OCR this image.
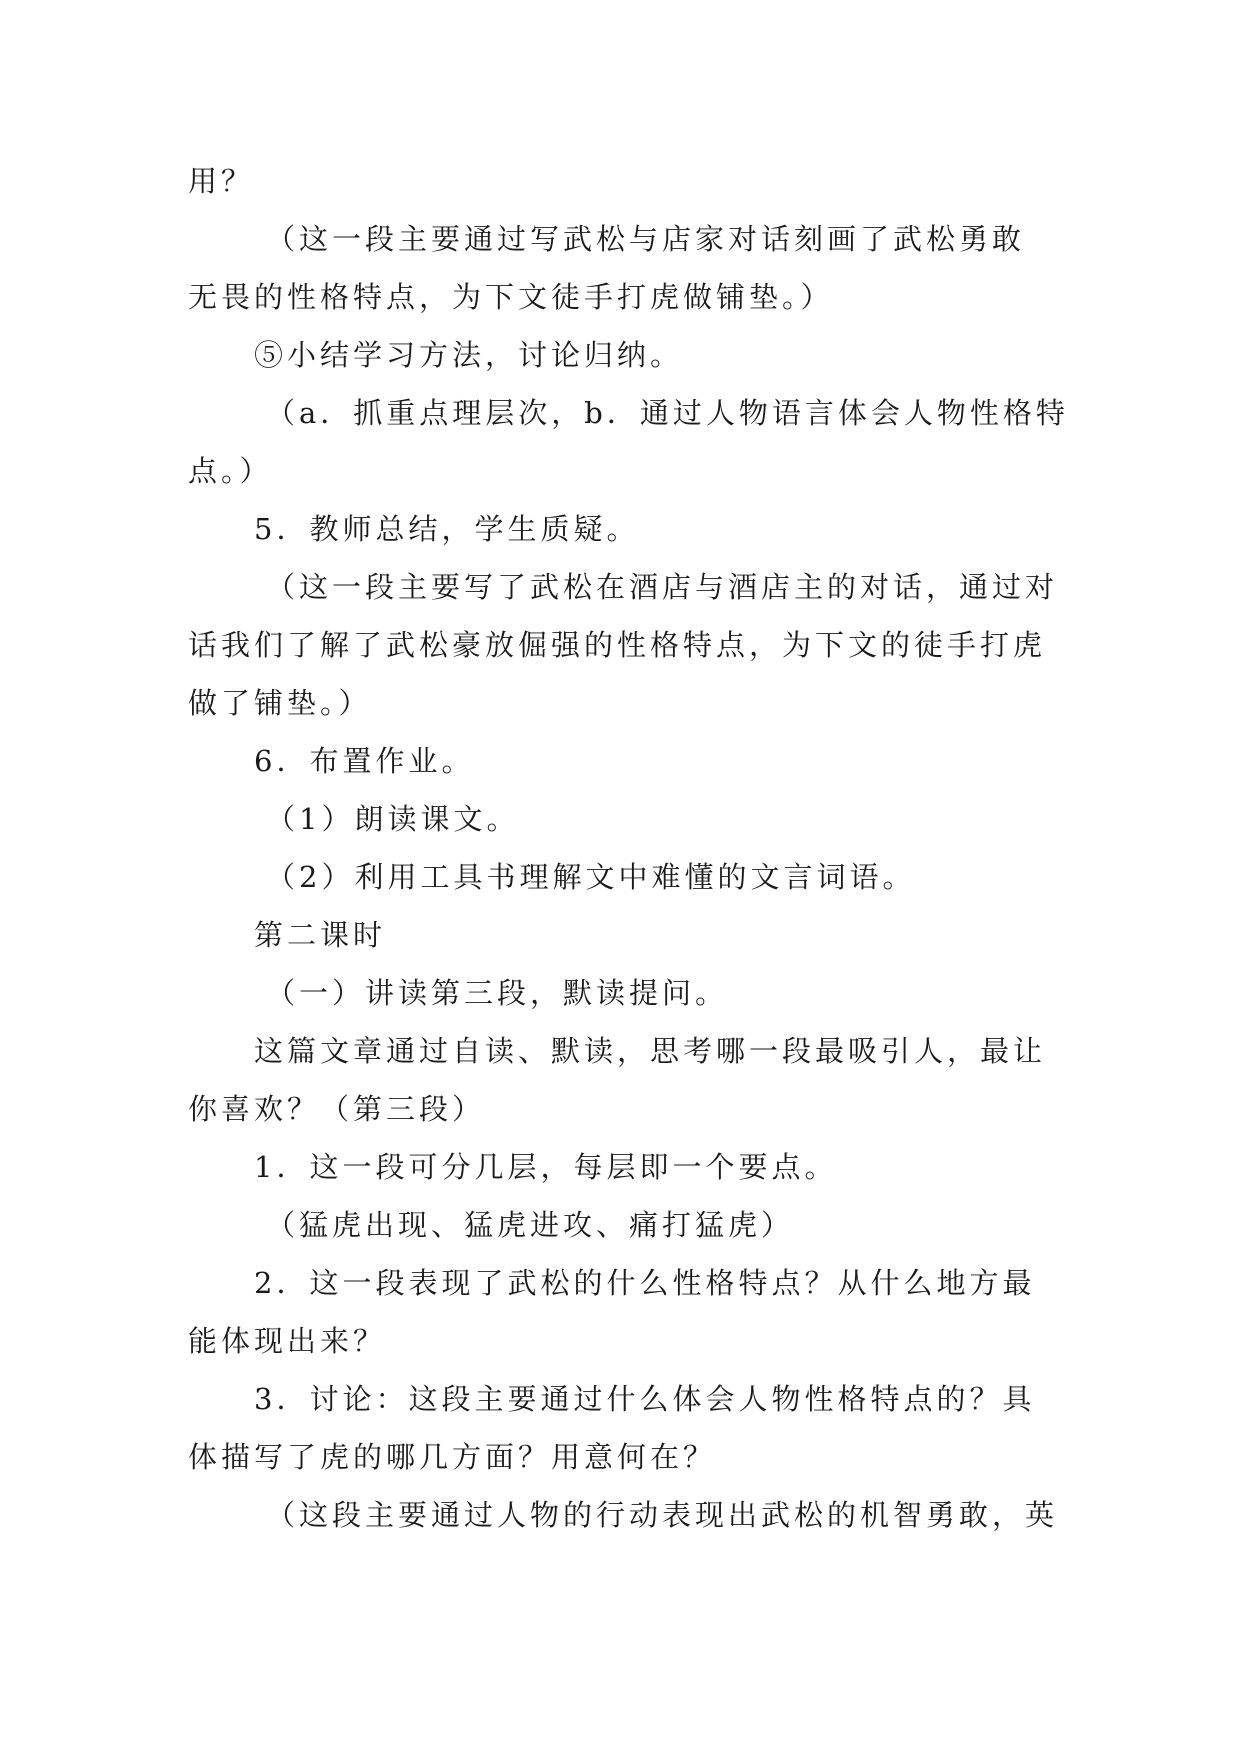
用？
（这一段主要通过写武松与店家对话刻画了武松勇敢
无畏的性格特点，为下文徒手打虎做铺垫。）
⑤小结学习方法，讨论归纳。
（a．抓重点理层次，b．通过人物语言体会人物性格特
点。）
5．教师总结，学生质疑。
（这一段主要写了武松在酒店与酒店主的对话，通过对
话我们了解了武松豪放倔强的性格特点，为下文的徒手打虎
做了铺垫。）
6．布置作业。
（1）朗读课文。
（2）利用工具书理解文中难懂的文言词语。
第二课时
（一）讲读第三段，默读提问。
这篇文章通过自读、默读，思考哪一段最吸引人，最让
你喜欢？（第三段）
1．这一段可分几层，每层即一个要点。
（猛虎出现、猛虎进攻、痛打猛虎）
2．这一段表现了武松的什么性格特点？从什么地方最
能体现出来？
3．讨论：这段主要通过什么体会人物性格特点的？具
体描写了虎的哪几方面？用意何在？
（这段主要通过人物的行动表现出武松的机智勇敢，英
